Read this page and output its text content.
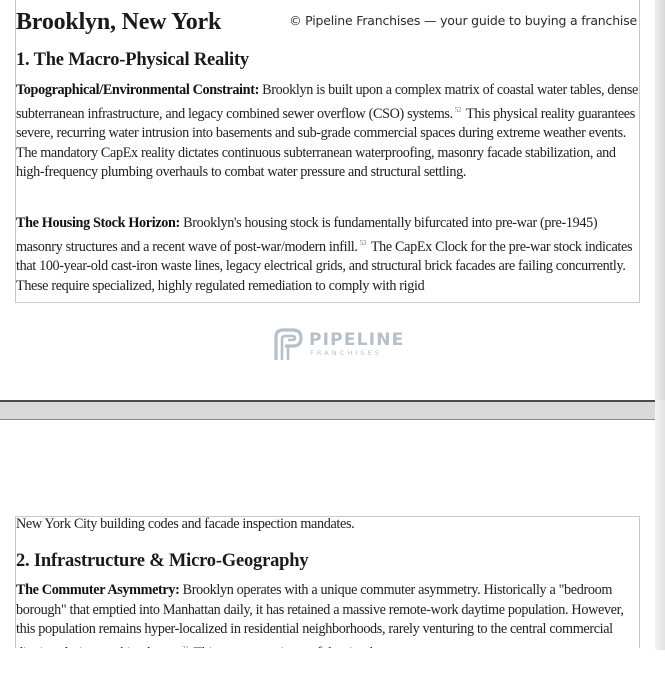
Brooklyn, New York	© Pipeline Franchises — your guide to buying a franchise
1. The Macro-Physical Reality

Topographical/Environmental Constraint: Brooklyn is built upon a complex matrix of coastal water tables, dense subterranean infrastructure, and legacy combined sewer overflow (CSO) systems. $^{52}$ This physical reality guarantees severe, recurring water intrusion into basements and sub-grade commercial spaces during extreme weather events. The mandatory CapEx reality dictates continuous subterranean waterproofing, masonry facade stabilization, and high-frequency plumbing overhauls to combat water pressure and structural settling.

The Housing Stock Horizon: Brooklyn's housing stock is fundamentally bifurcated into pre-war (pre-1945) masonry structures and a recent wave of post-war/modern infill. $^{53}$ The CapEx Clock for the pre-war stock indicates that 100-year-old cast-iron waste lines, legacy electrical grids, and structural brick facades are failing concurrently. These require specialized, highly regulated remediation to comply with rigid

PIPELINE
FRANCHISES

New York City building codes and facade inspection mandates.

2. Infrastructure & Micro-Geography

The Commuter Asymmetry: Brooklyn operates with a unique commuter asymmetry. Historically a "bedroom borough" that emptied into Manhattan daily, it has retained a massive remote-work daytime population. However, this population remains hyper-localized in residential neighborhoods, rarely venturing to the central commercial
